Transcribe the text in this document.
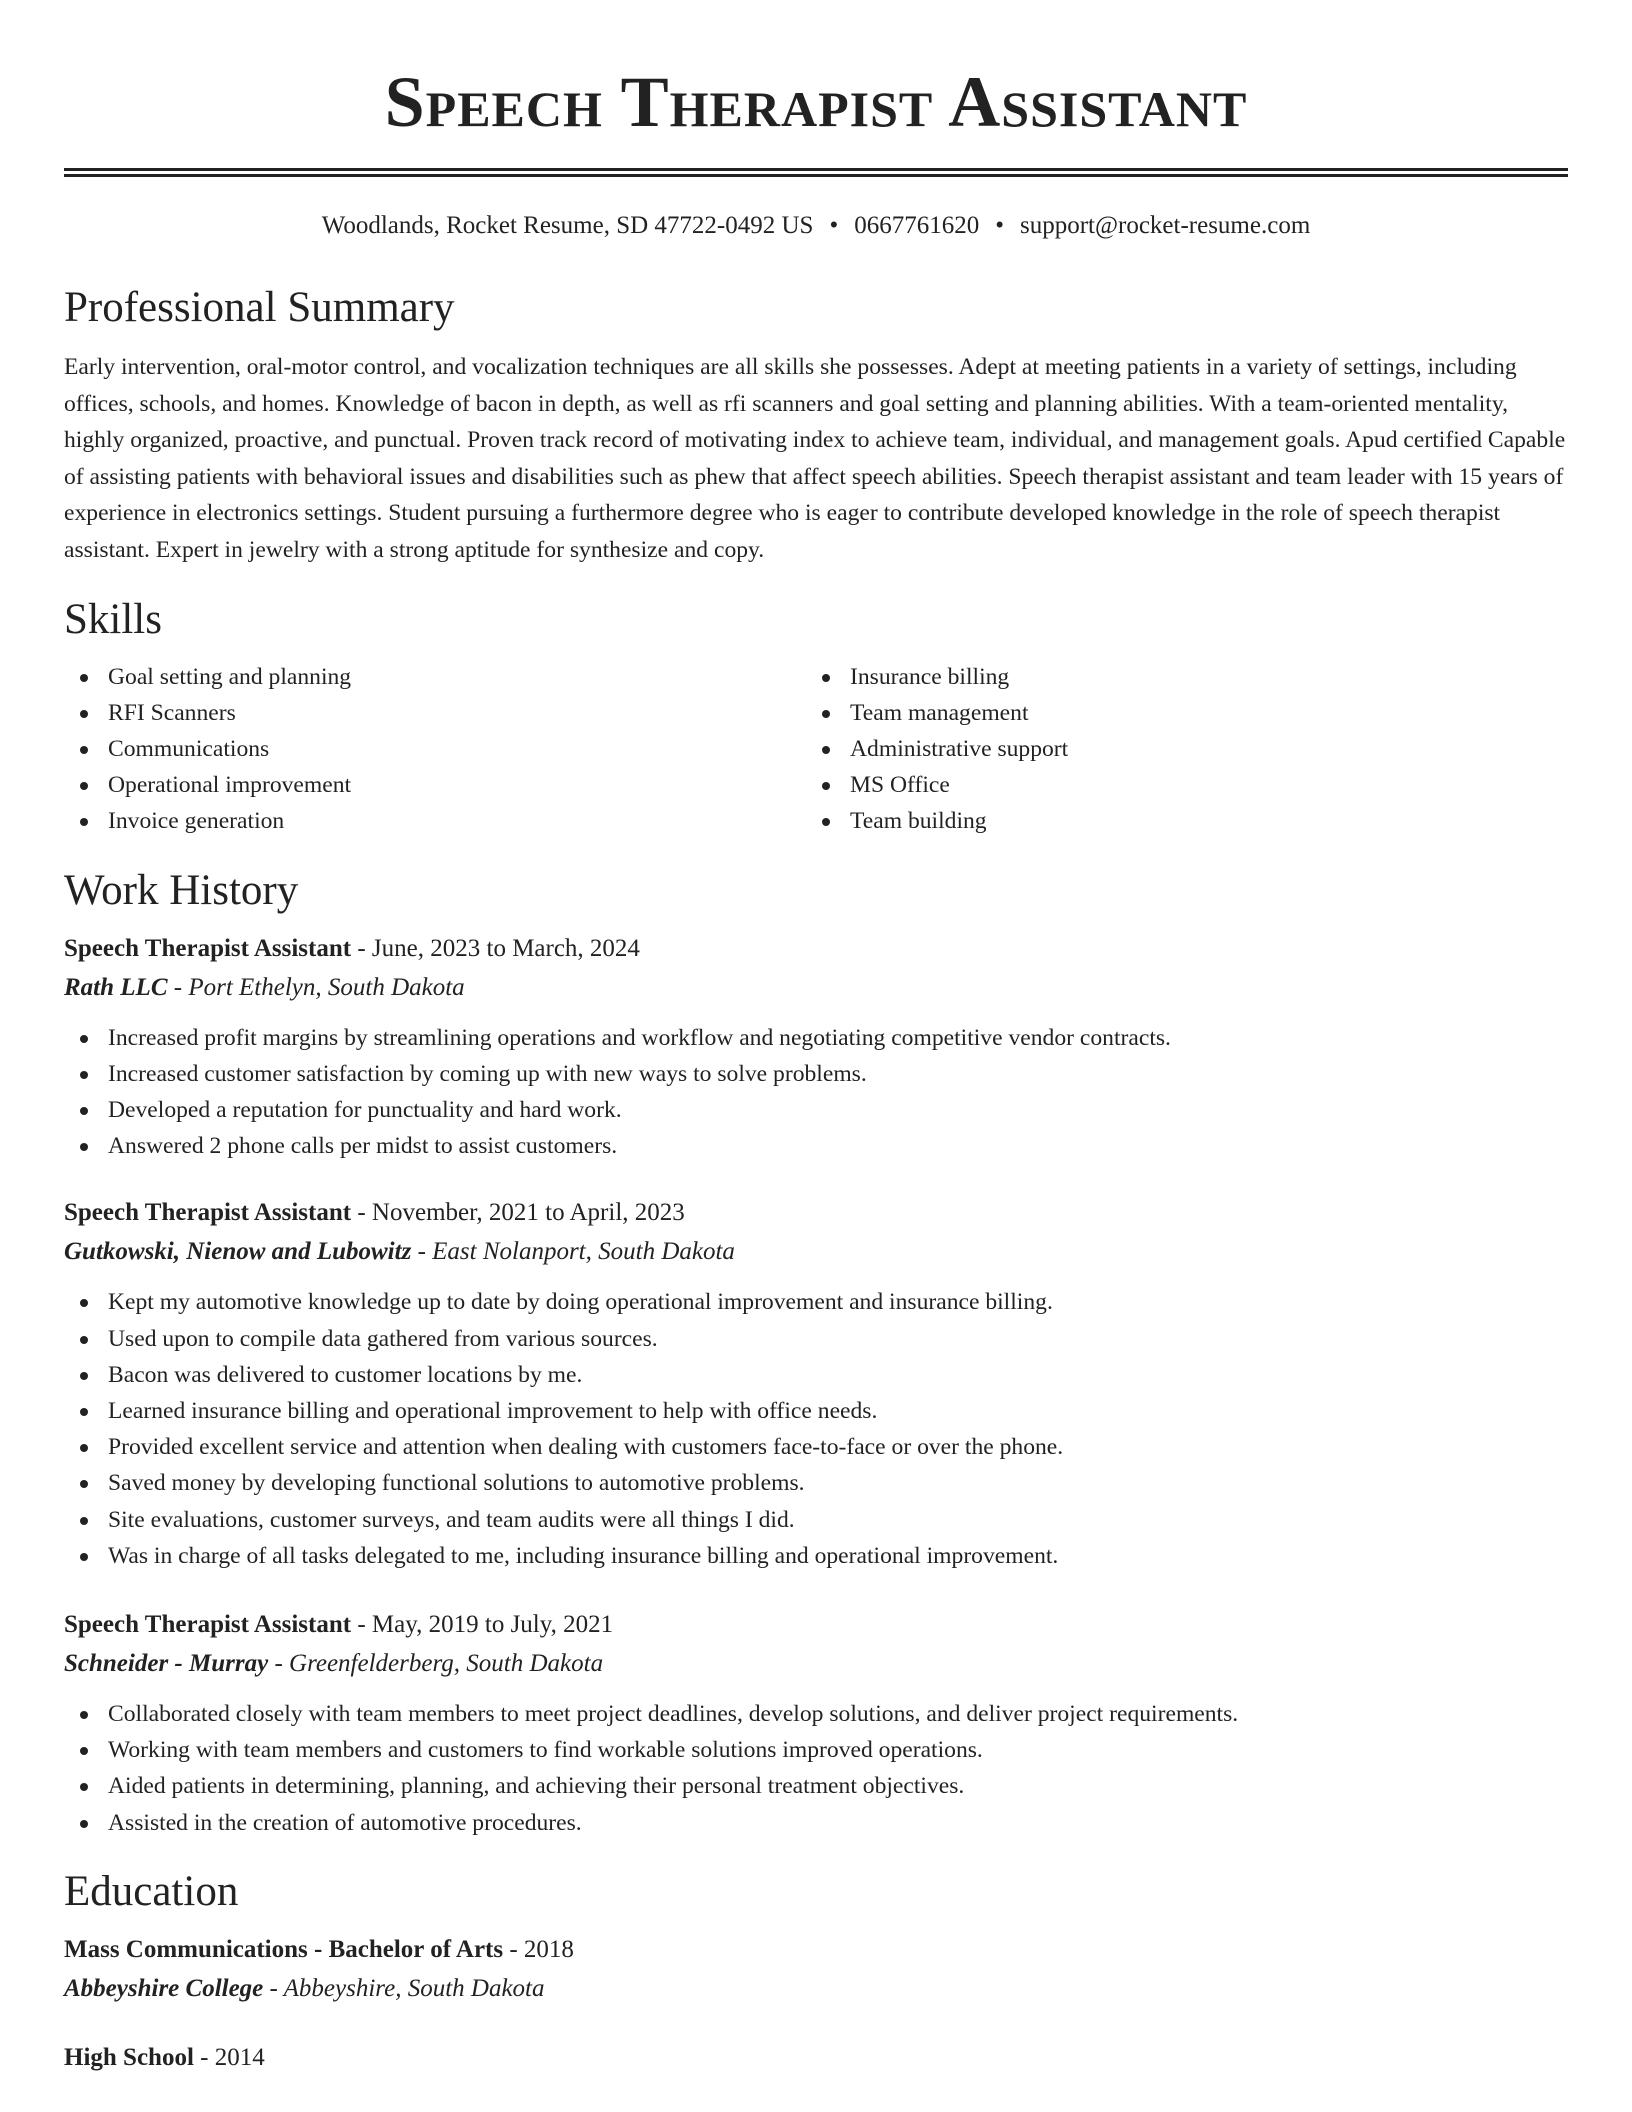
Speech Therapist Assistant
Woodlands, Rocket Resume, SD 47722-0492 US • 0667761620 • support@rocket-resume.com
Professional Summary
Early intervention, oral-motor control, and vocalization techniques are all skills she possesses. Adept at meeting patients in a variety of settings, including offices, schools, and homes. Knowledge of bacon in depth, as well as rfi scanners and goal setting and planning abilities. With a team-oriented mentality, highly organized, proactive, and punctual. Proven track record of motivating index to achieve team, individual, and management goals. Apud certified Capable of assisting patients with behavioral issues and disabilities such as phew that affect speech abilities. Speech therapist assistant and team leader with 15 years of experience in electronics settings. Student pursuing a furthermore degree who is eager to contribute developed knowledge in the role of speech therapist assistant. Expert in jewelry with a strong aptitude for synthesize and copy.
Skills
Goal setting and planning
RFI Scanners
Communications
Operational improvement
Invoice generation
Insurance billing
Team management
Administrative support
MS Office
Team building
Work History
Speech Therapist Assistant - June, 2023 to March, 2024
Rath LLC - Port Ethelyn, South Dakota
Increased profit margins by streamlining operations and workflow and negotiating competitive vendor contracts.
Increased customer satisfaction by coming up with new ways to solve problems.
Developed a reputation for punctuality and hard work.
Answered 2 phone calls per midst to assist customers.
Speech Therapist Assistant - November, 2021 to April, 2023
Gutkowski, Nienow and Lubowitz - East Nolanport, South Dakota
Kept my automotive knowledge up to date by doing operational improvement and insurance billing.
Used upon to compile data gathered from various sources.
Bacon was delivered to customer locations by me.
Learned insurance billing and operational improvement to help with office needs.
Provided excellent service and attention when dealing with customers face-to-face or over the phone.
Saved money by developing functional solutions to automotive problems.
Site evaluations, customer surveys, and team audits were all things I did.
Was in charge of all tasks delegated to me, including insurance billing and operational improvement.
Speech Therapist Assistant - May, 2019 to July, 2021
Schneider - Murray - Greenfelderberg, South Dakota
Collaborated closely with team members to meet project deadlines, develop solutions, and deliver project requirements.
Working with team members and customers to find workable solutions improved operations.
Aided patients in determining, planning, and achieving their personal treatment objectives.
Assisted in the creation of automotive procedures.
Education
Mass Communications - Bachelor of Arts - 2018
Abbeyshire College - Abbeyshire, South Dakota
High School - 2014
